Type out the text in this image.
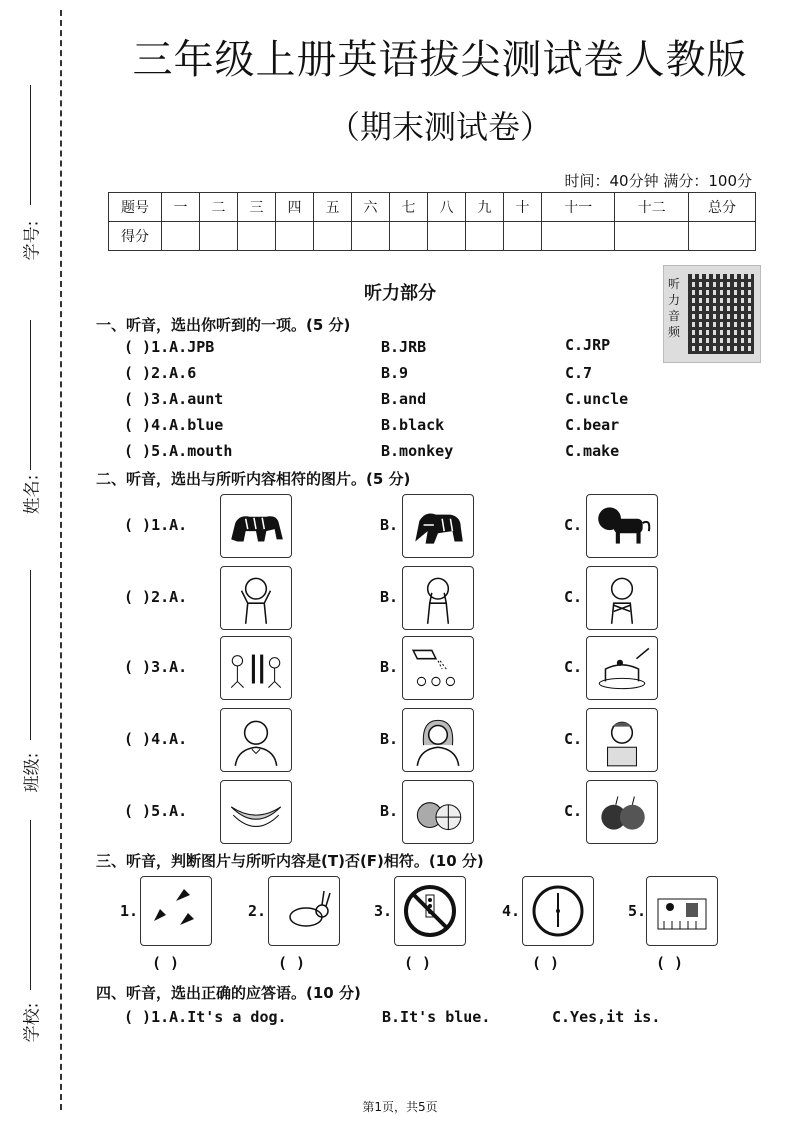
学号:
姓名:
班级:
学校:
三年级上册英语拔尖测试卷人教版
（期末测试卷）
时间：40分钟 满分：100分
题号	一	二	三	四	五	六	七	八	九	十	十一	十二	总分
得分													
听力部分	听力音频
一、听音，选出你听到的一项。(5 分)
( )1.A.JPB	B.JRB	C.JRP
( )2.A.6	B.9	C.7
( )3.A.aunt	B.and	C.uncle
( )4.A.blue	B.black	C.bear
( )5.A.mouth	B.monkey	C.make
二、听音，选出与所听内容相符的图片。(5 分)
( )1.A.	B.	C.
( )2.A.	B.	C.
( )3.A.	B.	C.
( )4.A.	B.	C.
( )5.A.	B.	C.
三、听音，判断图片与所听内容是(T)否(F)相符。(10 分)
1.
( )
2.
( )
3.
( )
4.
( )
5.
( )
四、听音，选出正确的应答语。(10 分)
( )1.A.It's a dog.	B.It's blue.	C.Yes,it is.
第1页，共5页
